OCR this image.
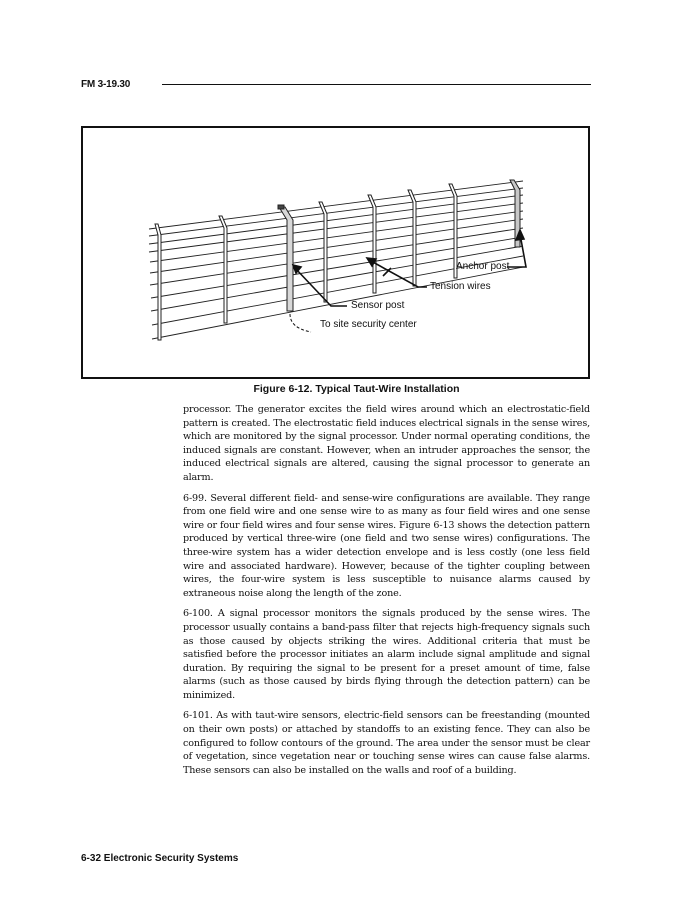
FM 3-19.30
Anchor post
Tension wires
Sensor post
To site security center
Figure 6-12. Typical Taut-Wire Installation

processor. The generator excites the field wires around which an electrostatic-field pattern is created. The electrostatic field induces electrical signals in the sense wires, which are monitored by the signal processor. Under normal operating conditions, the induced signals are constant. However, when an intruder approaches the sensor, the induced electrical signals are altered, causing the signal processor to generate an alarm.

6-99. Several different field- and sense-wire configurations are available. They range from one field wire and one sense wire to as many as four field wires and one sense wire or four field wires and four sense wires. Figure 6-13 shows the detection pattern produced by vertical three-wire (one field and two sense wires) configurations. The three-wire system has a wider detection envelope and is less costly (one less field wire and associated hardware). However, because of the tighter coupling between wires, the four-wire system is less susceptible to nuisance alarms caused by extraneous noise along the length of the zone.

6-100. A signal processor monitors the signals produced by the sense wires. The processor usually contains a band-pass filter that rejects high-frequency signals such as those caused by objects striking the wires. Additional criteria that must be satisfied before the processor initiates an alarm include signal amplitude and signal duration. By requiring the signal to be present for a preset amount of time, false alarms (such as those caused by birds flying through the detection pattern) can be minimized.

6-101. As with taut-wire sensors, electric-field sensors can be freestanding (mounted on their own posts) or attached by standoffs to an existing fence. They can also be configured to follow contours of the ground. The area under the sensor must be clear of vegetation, since vegetation near or touching sense wires can cause false alarms. These sensors can also be installed on the walls and roof of a building.

6-32 Electronic Security Systems
